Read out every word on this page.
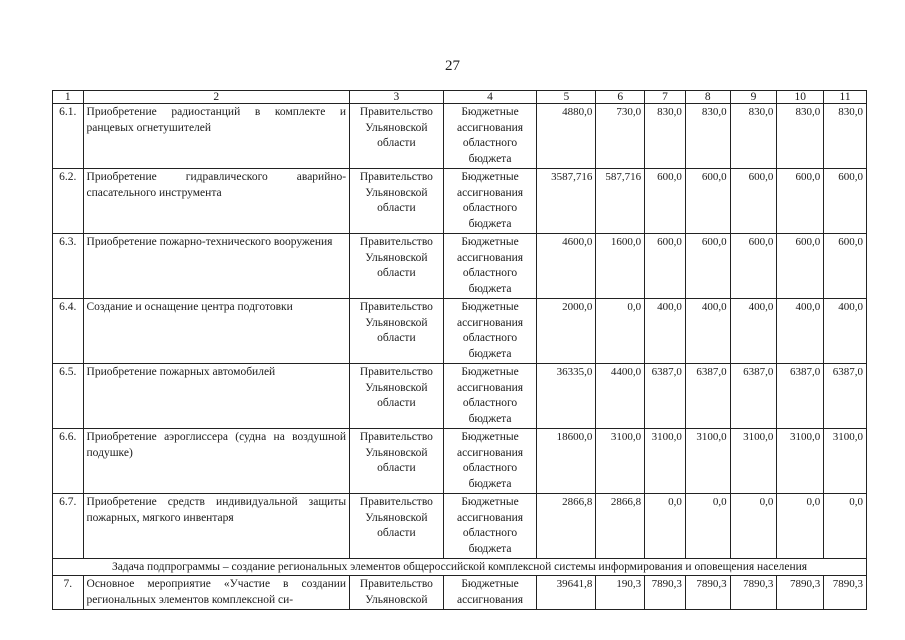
27
1	2	3	4	5	6	7	8	9	10	11
6.1.	Приобретение радиостанций в комплекте и ранцевых огнетушителей	Правительство Ульяновской области	Бюджетные ассигнования областного бюджета	4880,0	730,0	830,0	830,0	830,0	830,0	830,0
6.2.	Приобретение гидравлического аварийно-спасательного инструмента	Правительство Ульяновской области	Бюджетные ассигнования областного бюджета	3587,716	587,716	600,0	600,0	600,0	600,0	600,0
6.3.	Приобретение пожарно-технического вооружения	Правительство Ульяновской области	Бюджетные ассигнования областного бюджета	4600,0	1600,0	600,0	600,0	600,0	600,0	600,0
6.4.	Создание и оснащение центра подготовки	Правительство Ульяновской области	Бюджетные ассигнования областного бюджета	2000,0	0,0	400,0	400,0	400,0	400,0	400,0
6.5.	Приобретение пожарных автомобилей	Правительство Ульяновской области	Бюджетные ассигнования областного бюджета	36335,0	4400,0	6387,0	6387,0	6387,0	6387,0	6387,0
6.6.	Приобретение аэроглиссера (судна на воздушной подушке)	Правительство Ульяновской области	Бюджетные ассигнования областного бюджета	18600,0	3100,0	3100,0	3100,0	3100,0	3100,0	3100,0
6.7.	Приобретение средств индивидуальной защиты пожарных, мягкого инвентаря	Правительство Ульяновской области	Бюджетные ассигнования областного бюджета	2866,8	2866,8	0,0	0,0	0,0	0,0	0,0
Задача подпрограммы – создание региональных элементов общероссийской комплексной системы информирования и оповещения населения										
7.	Основное мероприятие «Участие в создании региональных элементов комплексной си-	Правительство Ульяновской	Бюджетные ассигнования	39641,8	190,3	7890,3	7890,3	7890,3	7890,3	7890,3
